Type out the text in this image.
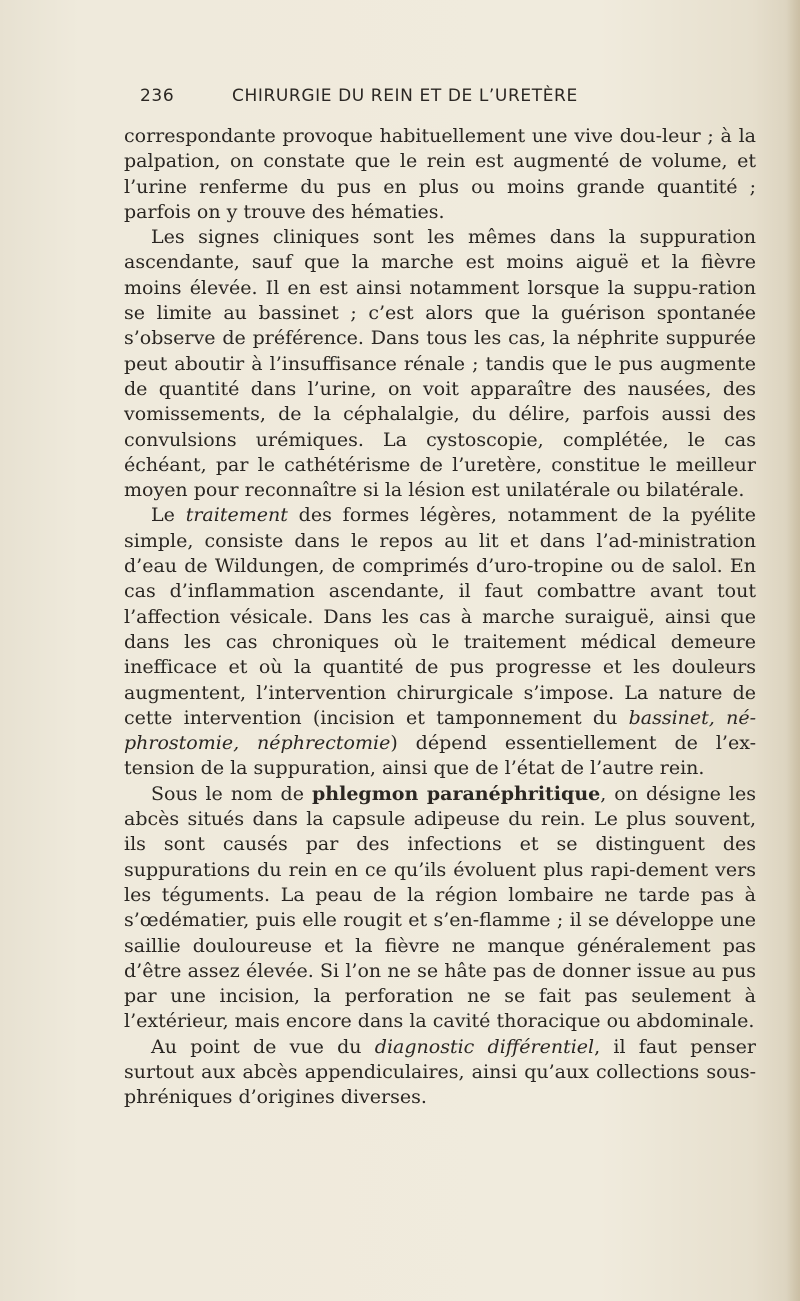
236	CHIRURGIE DU REIN ET DE L’URETÈRE

correspondante provoque habituellement une vive dou-leur ; à la palpation, on constate que le rein est augmenté de volume, et l’urine renferme du pus en plus ou moins grande quantité ; parfois on y trouve des hématies.

Les signes cliniques sont les mêmes dans la suppuration ascendante, sauf que la marche est moins aiguë et la fièvre moins élevée. Il en est ainsi notamment lorsque la suppu-ration se limite au bassinet ; c’est alors que la guérison spontanée s’observe de préférence. Dans tous les cas, la néphrite suppurée peut aboutir à l’insuffisance rénale ; tandis que le pus augmente de quantité dans l’urine, on voit apparaître des nausées, des vomissements, de la céphalalgie, du délire, parfois aussi des convulsions urémiques. La cystoscopie, complétée, le cas échéant, par le cathétérisme de l’uretère, constitue le meilleur moyen pour reconnaître si la lésion est unilatérale ou bilatérale.

Le traitement des formes légères, notamment de la pyélite simple, consiste dans le repos au lit et dans l’ad-ministration d’eau de Wildungen, de comprimés d’uro-tropine ou de salol. En cas d’inflammation ascendante, il faut combattre avant tout l’affection vésicale. Dans les cas à marche suraiguë, ainsi que dans les cas chroniques où le traitement médical demeure inefficace et où la quantité de pus progresse et les douleurs augmentent, l’intervention chirurgicale s’impose. La nature de cette intervention (incision et tamponnement du bassinet, né-phrostomie, néphrectomie) dépend essentiellement de l’ex-tension de la suppuration, ainsi que de l’état de l’autre rein.

Sous le nom de phlegmon paranéphritique, on désigne les abcès situés dans la capsule adipeuse du rein. Le plus souvent, ils sont causés par des infections et se distinguent des suppurations du rein en ce qu’ils évoluent plus rapi-dement vers les téguments. La peau de la région lombaire ne tarde pas à s’œdématier, puis elle rougit et s’en-flamme ; il se développe une saillie douloureuse et la fièvre ne manque généralement pas d’être assez élevée. Si l’on ne se hâte pas de donner issue au pus par une incision, la perforation ne se fait pas seulement à l’extérieur, mais encore dans la cavité thoracique ou abdominale.

Au point de vue du diagnostic différentiel, il faut penser surtout aux abcès appendiculaires, ainsi qu’aux collections sous-phréniques d’origines diverses.
